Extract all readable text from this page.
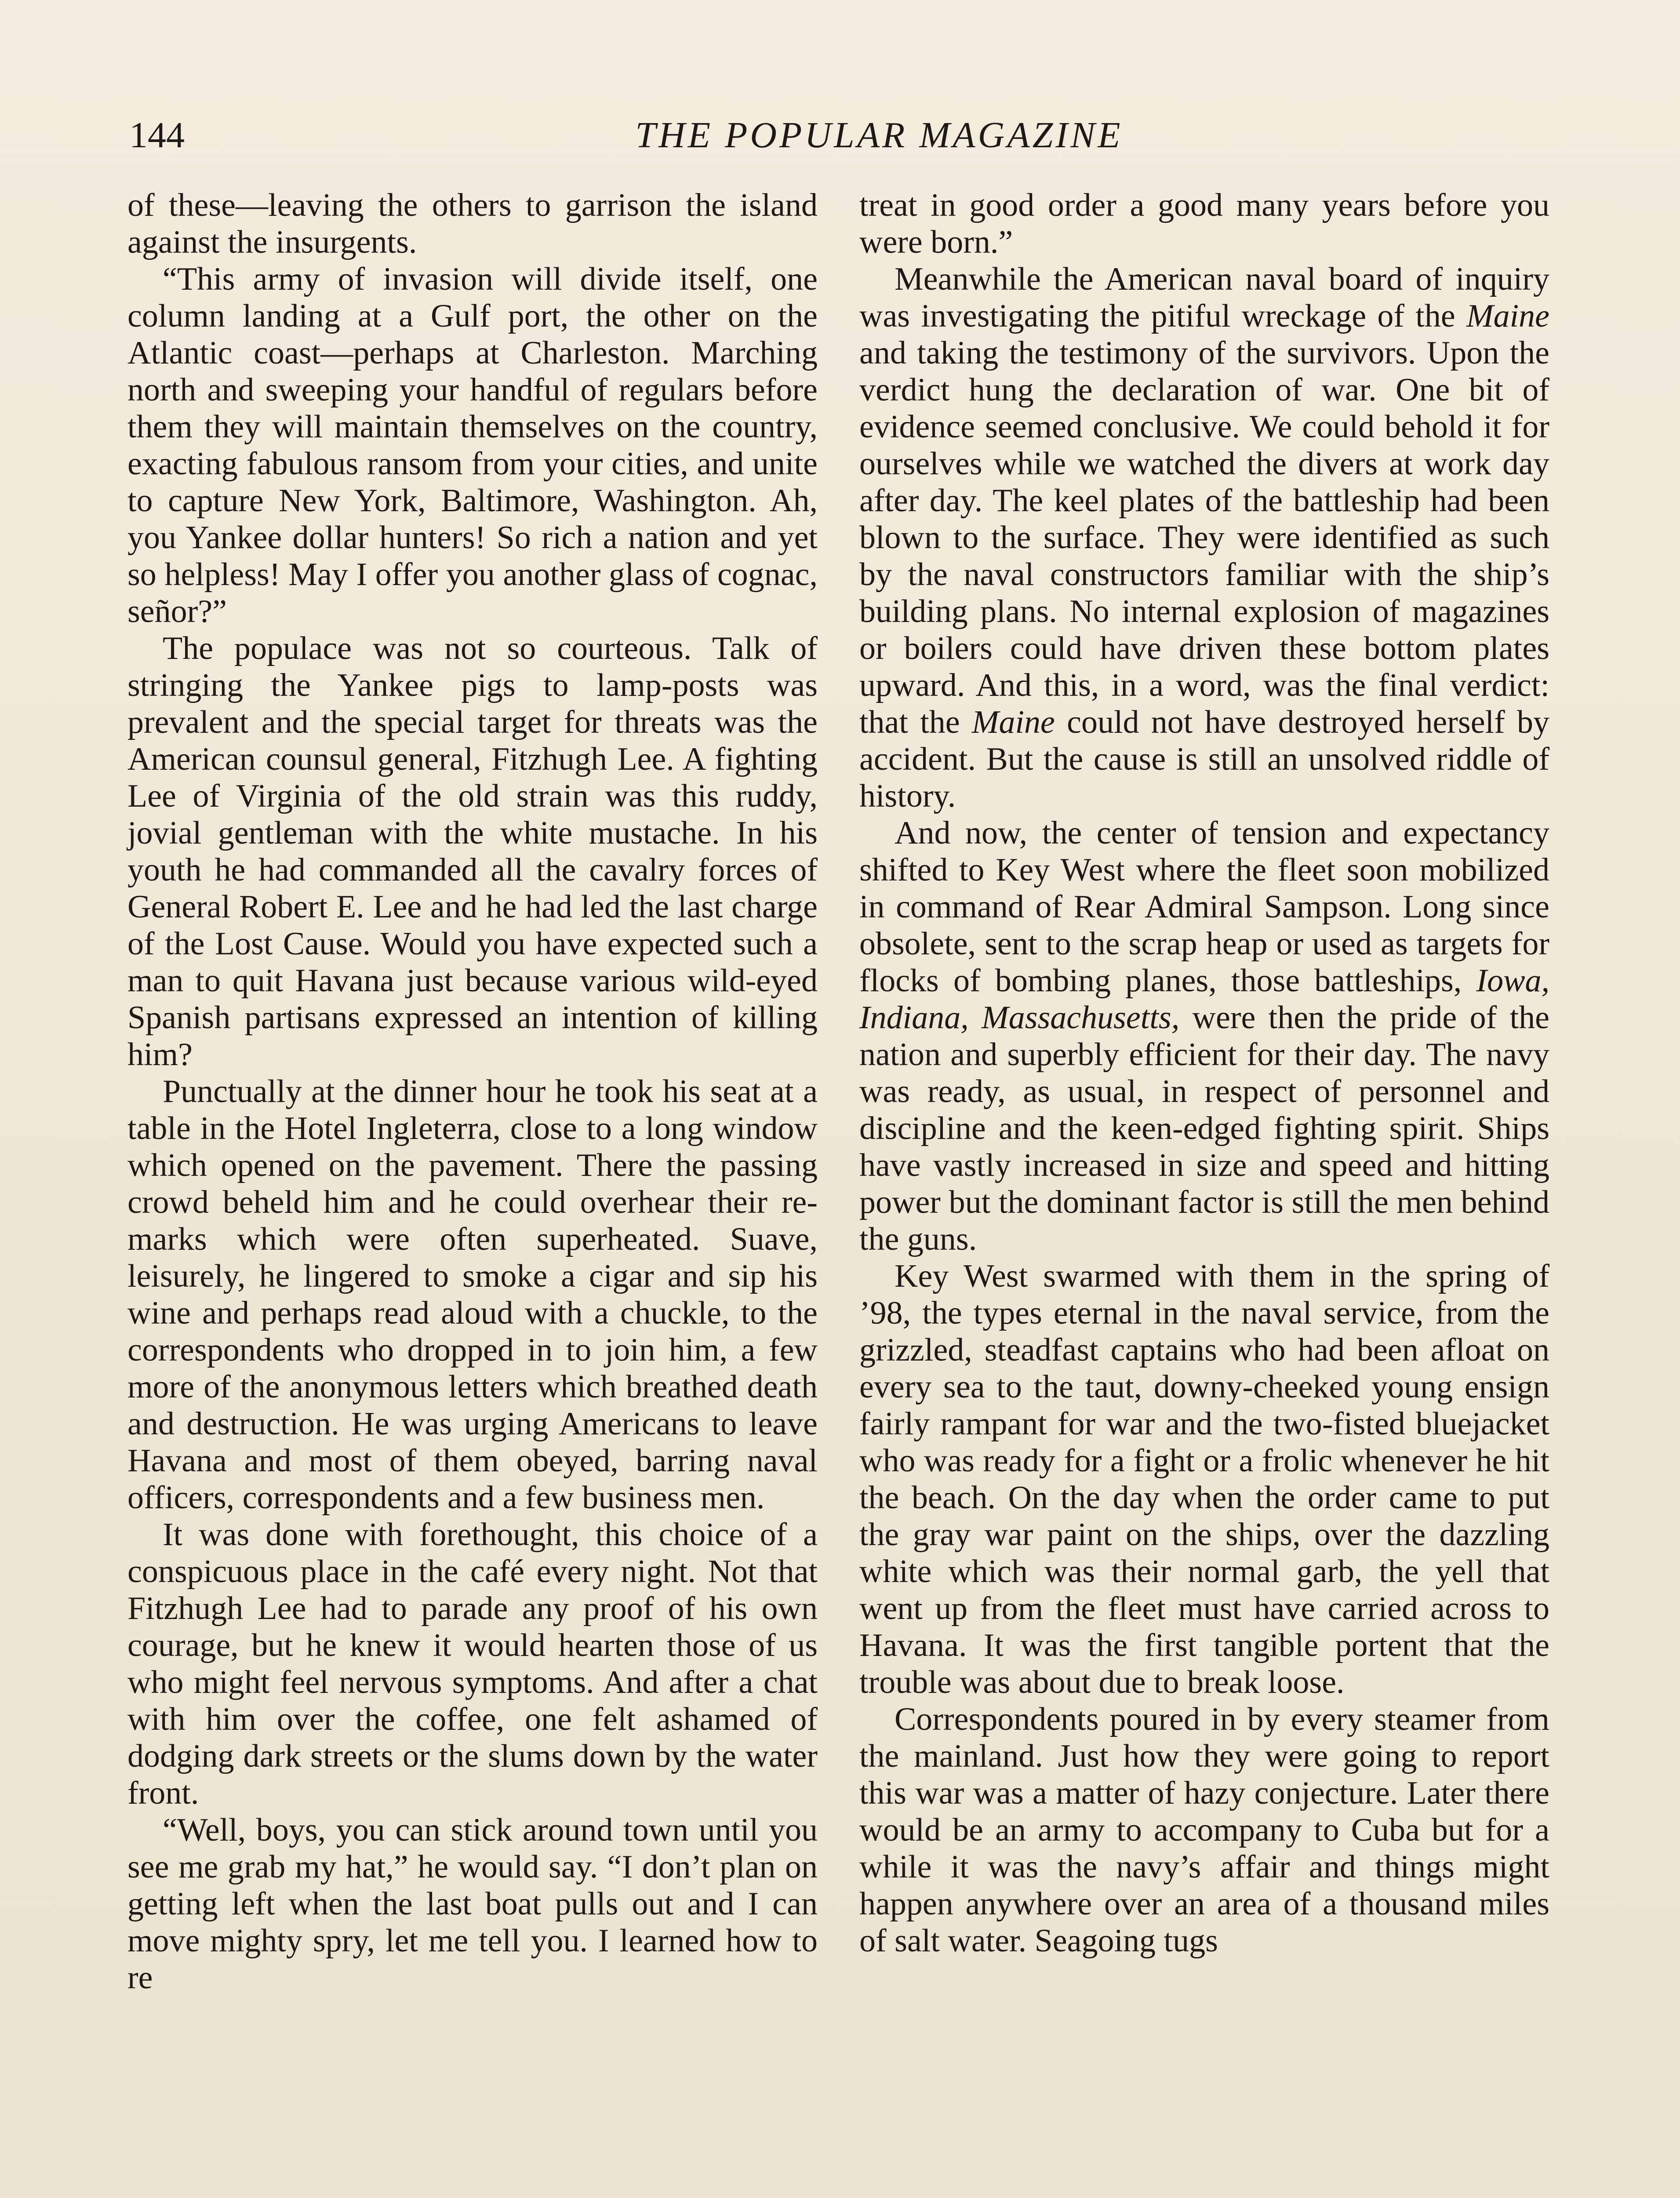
144	THE POPULAR MAGAZINE

of these—leaving the others to garrison the island against the insurgents.

“This army of invasion will divide itself, one column landing at a Gulf port, the other on the Atlantic coast—perhaps at Charleston. Marching north and sweeping your handful of regulars before them they will maintain themselves on the country, exacting fabulous ransom from your cities, and unite to capture New York, Baltimore, Washington. Ah, you Yankee dollar hunters! So rich a nation and yet so helpless! May I offer you another glass of cognac, señor?”

The populace was not so courteous. Talk of stringing the Yankee pigs to lamp-posts was prevalent and the special target for threats was the American counsul general, Fitzhugh Lee. A fighting Lee of Virginia of the old strain was this ruddy, jovial gentleman with the white mustache. In his youth he had commanded all the cavalry forces of General Robert E. Lee and he had led the last charge of the Lost Cause. Would you have expected such a man to quit Havana just because various wild-eyed Spanish partisans expressed an intention of killing him?

Punctually at the dinner hour he took his seat at a table in the Hotel Ingleterra, close to a long window which opened on the pavement. There the passing crowd beheld him and he could overhear their remarks which were often superheated. Suave, leisurely, he lingered to smoke a cigar and sip his wine and perhaps read aloud with a chuckle, to the correspondents who dropped in to join him, a few more of the anonymous letters which breathed death and destruction. He was urging Americans to leave Havana and most of them obeyed, barring naval officers, correspondents and a few business men.

It was done with forethought, this choice of a conspicuous place in the café every night. Not that Fitzhugh Lee had to parade any proof of his own courage, but he knew it would hearten those of us who might feel nervous symptoms. And after a chat with him over the coffee, one felt ashamed of dodging dark streets or the slums down by the water front.

“Well, boys, you can stick around town until you see me grab my hat,” he would say. “I don’t plan on getting left when the last boat pulls out and I can move mighty spry, let me tell you. I learned how to re

treat in good order a good many years before you were born.”

Meanwhile the American naval board of inquiry was investigating the pitiful wreckage of the Maine and taking the testimony of the survivors. Upon the verdict hung the declaration of war. One bit of evidence seemed conclusive. We could behold it for ourselves while we watched the divers at work day after day. The keel plates of the battleship had been blown to the surface. They were identified as such by the naval constructors familiar with the ship’s building plans. No internal explosion of magazines or boilers could have driven these bottom plates upward. And this, in a word, was the final verdict: that the Maine could not have destroyed herself by accident. But the cause is still an unsolved riddle of history.

And now, the center of tension and expectancy shifted to Key West where the fleet soon mobilized in command of Rear Admiral Sampson. Long since obsolete, sent to the scrap heap or used as targets for flocks of bombing planes, those battleships, Iowa, Indiana, Massachusetts, were then the pride of the nation and superbly efficient for their day. The navy was ready, as usual, in respect of personnel and discipline and the keen-edged fighting spirit. Ships have vastly increased in size and speed and hitting power but the dominant factor is still the men behind the guns.

Key West swarmed with them in the spring of ’98, the types eternal in the naval service, from the grizzled, steadfast captains who had been afloat on every sea to the taut, downy-cheeked young ensign fairly rampant for war and the two-fisted bluejacket who was ready for a fight or a frolic whenever he hit the beach. On the day when the order came to put the gray war paint on the ships, over the dazzling white which was their normal garb, the yell that went up from the fleet must have carried across to Havana. It was the first tangible portent that the trouble was about due to break loose.

Correspondents poured in by every steamer from the mainland. Just how they were going to report this war was a matter of hazy conjecture. Later there would be an army to accompany to Cuba but for a while it was the navy’s affair and things might happen anywhere over an area of a thousand miles of salt water. Seagoing tugs
